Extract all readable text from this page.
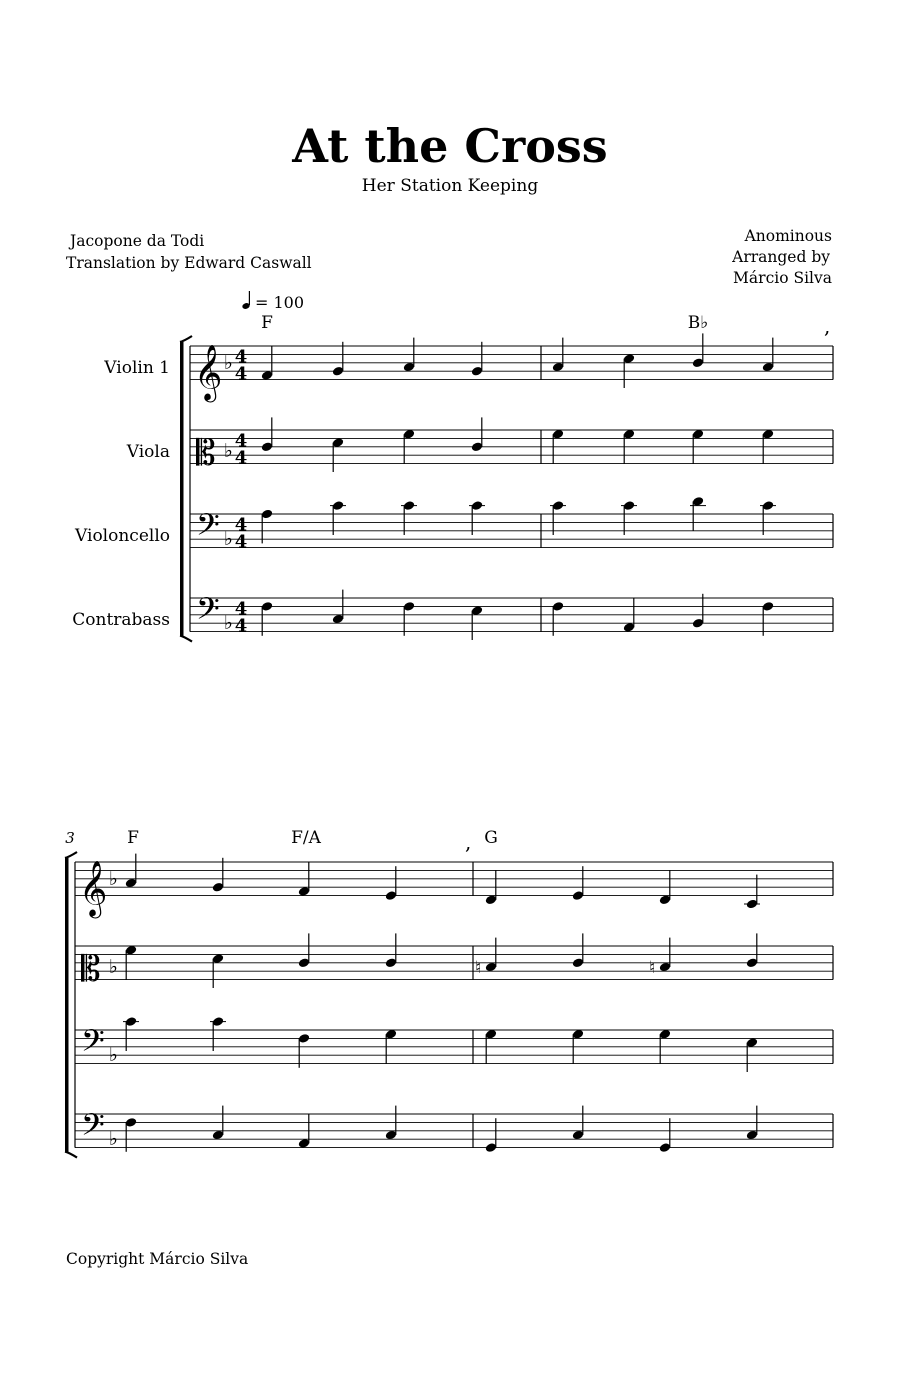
At the Cross
Her Station Keeping
Jacopone da Todi
Translation by Edward Caswall
Anominous
Arranged by
Márcio Silva
= 100
F	B♭
F	F/A	G
,
,
3
Violin 1
Viola
Violoncello
Contrabass
Copyright Márcio Silva
𝄞 ♭ 4
4
𝄡 ♭ 4
4
𝄢 ♭
4
4
𝄢 ♭
4
4
𝄞 ♭
𝄡 ♭	♮	♮
𝄢 ♭
𝄢 ♭
